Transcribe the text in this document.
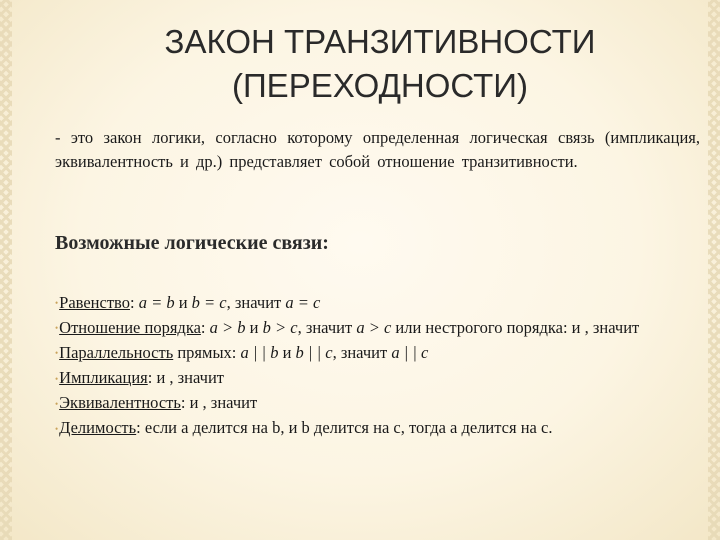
ЗАКОН ТРАНЗИТИВНОСТИ
(ПЕРЕХОДНОСТИ)
- это закон логики, согласно которому определенная логическая связь (импликация, эквивалентность и др.) представляет собой отношение транзитивности.
Возможные логические связи:

•Равенство: a = b и b = c, значит a = c

•Отношение порядка: a > b и b > c, значит a > c или нестрогого порядка: и , значит

•Параллельность прямых: a | | b и b | | c, значит a | | c

•Импликация: и , значит

•Эквивалентность: и , значит

•Делимость: если a делится на b, и b делится на c, тогда a делится на c.
